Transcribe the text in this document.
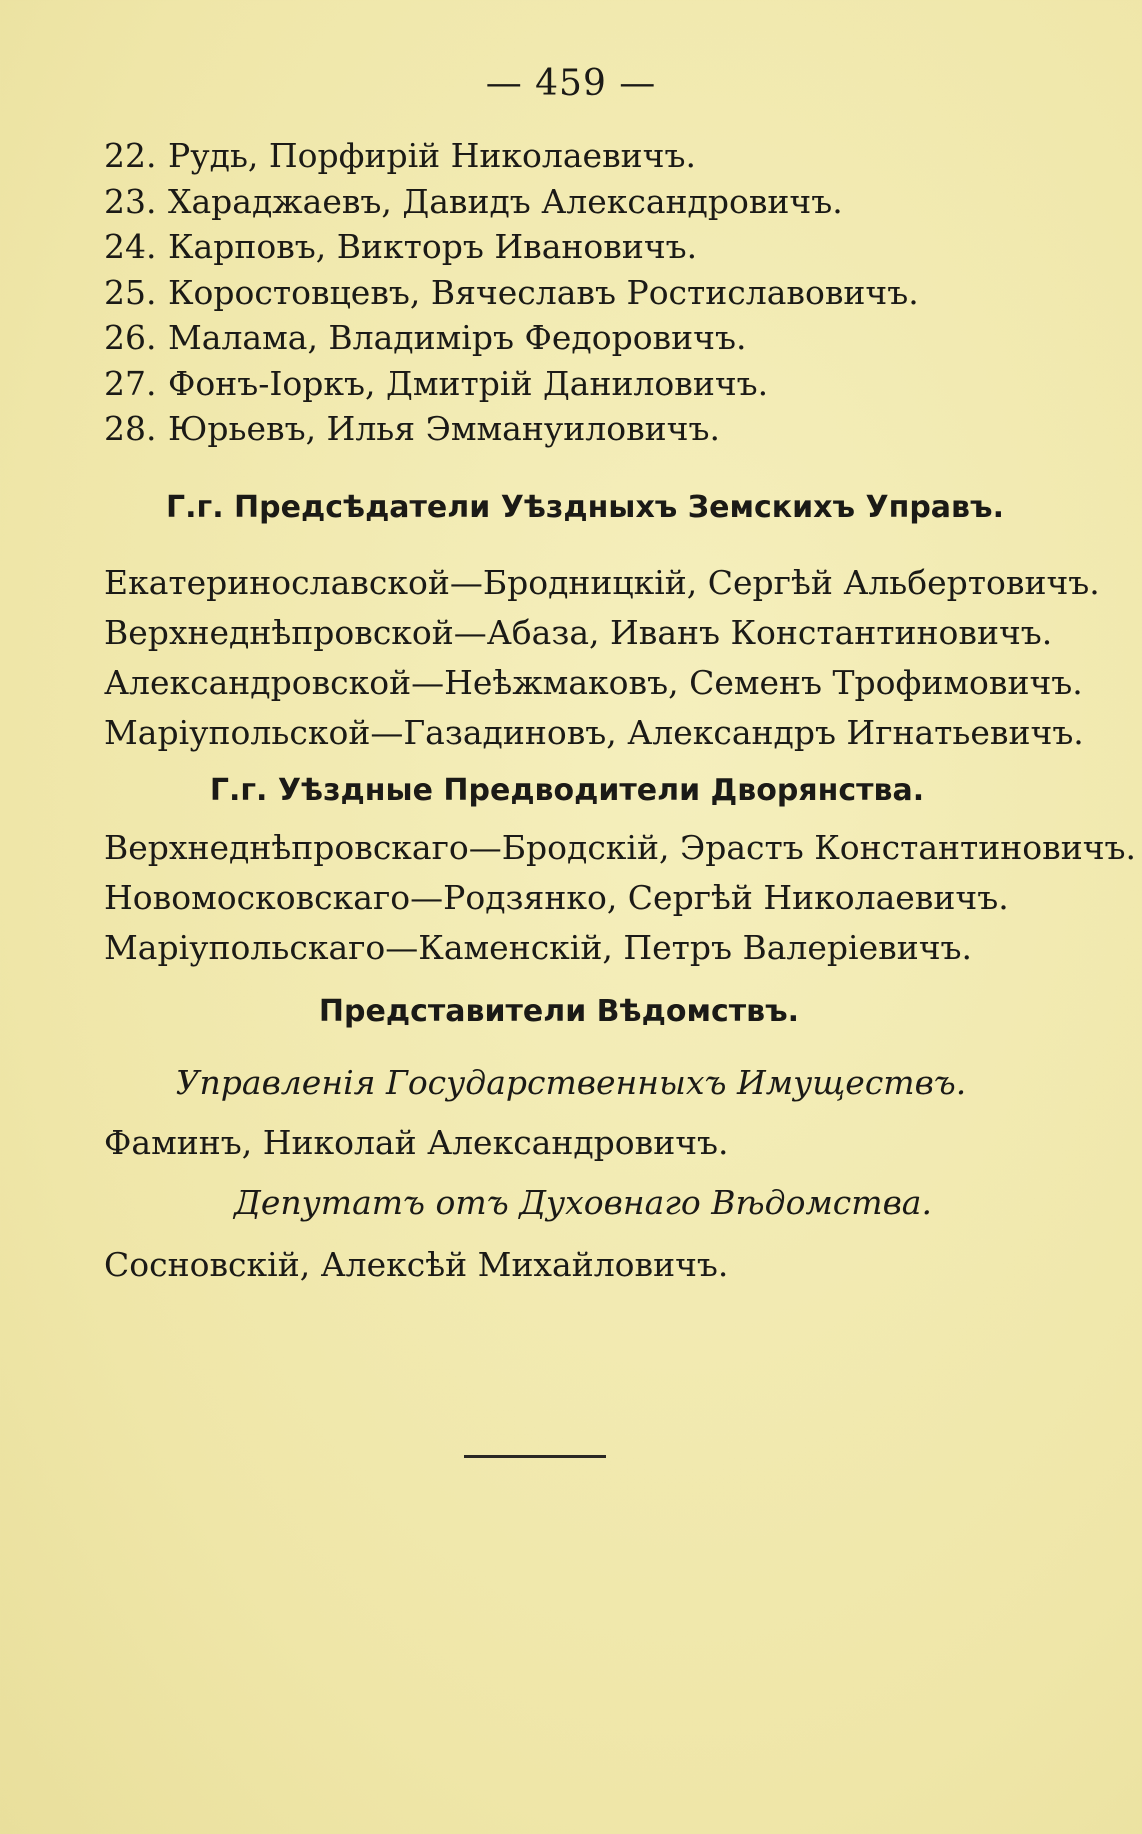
— 459 —
22. Рудь, Порфирій Николаевичъ.
23. Хараджаевъ, Давидъ Александровичъ.
24. Карповъ, Викторъ Ивановичъ.
25. Коростовцевъ, Вячеславъ Ростиславовичъ.
26. Малама, Владиміръ Федоровичъ.
27. Фонъ-Іоркъ, Дмитрій Даниловичъ.
28. Юрьевъ, Илья Эммануиловичъ.
Г.г. Предсѣдатели Уѣздныхъ Земскихъ Управъ.
Екатеринославской—Бродницкій, Сергѣй Альбертовичъ.
Верхнеднѣпровской—Абаза, Иванъ Константиновичъ.
Александровской—Неѣжмаковъ, Семенъ Трофимовичъ.
Маріупольской—Газадиновъ, Александръ Игнатьевичъ.
Г.г. Уѣздные Предводители Дворянства.
Верхнеднѣпровскаго—Бродскій, Эрастъ Константиновичъ.
Новомосковскаго—Родзянко, Сергѣй Николаевичъ.
Маріупольскаго—Каменскій, Петръ Валеріевичъ.
Представители Вѣдомствъ.
Управленія Государственныхъ Имуществъ.
Фаминъ, Николай Александровичъ.
Депутатъ отъ Духовнаго Вѣдомства.
Сосновскій, Алексѣй Михайловичъ.
